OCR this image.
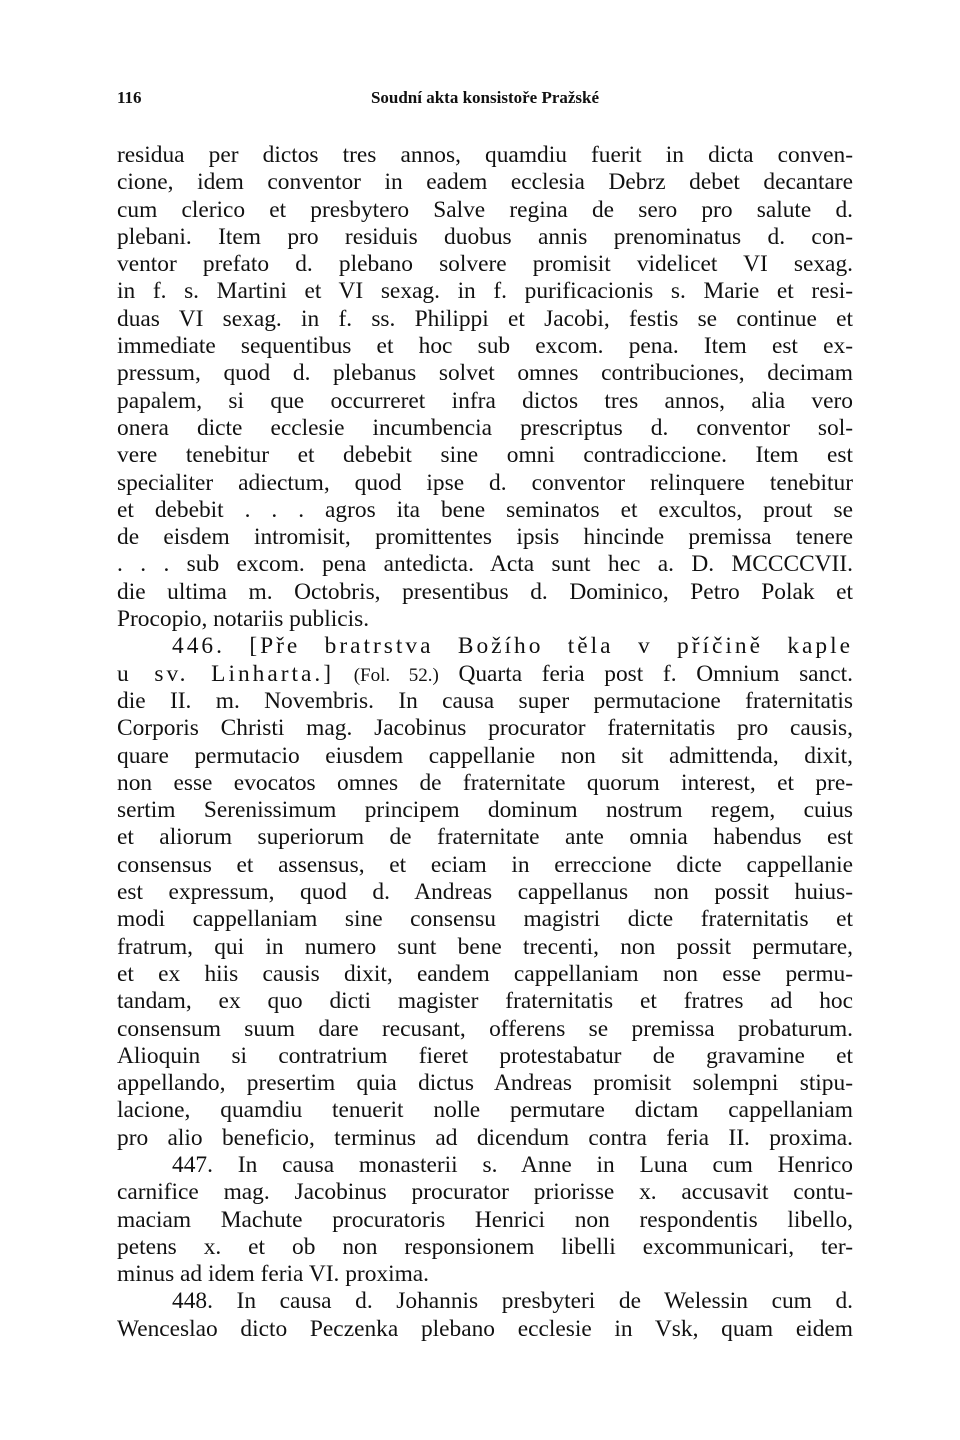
116	Soudní akta konsistoře Pražské
residua per dictos tres annos, quamdiu fuerit in dicta conven-
cione, idem conventor in eadem ecclesia Debrz debet decantare
cum clerico et presbytero Salve regina de sero pro salute d.
plebani. Item pro residuis duobus annis prenominatus d. con-
ventor prefato d. plebano solvere promisit videlicet VI sexag.
in f. s. Martini et VI sexag. in f. purificacionis s. Marie et resi-
duas VI sexag. in f. ss. Philippi et Jacobi, festis se continue et
immediate sequentibus et hoc sub excom. pena. Item est ex-
pressum, quod d. plebanus solvet omnes contribuciones, decimam
papalem, si que occurreret infra dictos tres annos, alia vero
onera dicte ecclesie incumbencia prescriptus d. conventor sol-
vere tenebitur et debebit sine omni contradiccione. Item est
specialiter adiectum, quod ipse d. conventor relinquere tenebitur
et debebit . . . agros ita bene seminatos et excultos, prout se
de eisdem intromisit, promittentes ipsis hincinde premissa tenere
. . . sub excom. pena antedicta. Acta sunt hec a. D. MCCCCVII.
die ultima m. Octobris, presentibus d. Dominico, Petro Polak et
Procopio, notariis publicis.
446. [Pře bratrstva Božího těla v příčině kaple
u sv. Linharta.] (Fol. 52.) Quarta feria post f. Omnium sanct.
die II. m. Novembris. In causa super permutacione fraternitatis
Corporis Christi mag. Jacobinus procurator fraternitatis pro causis,
quare permutacio eiusdem cappellanie non sit admittenda, dixit,
non esse evocatos omnes de fraternitate quorum interest, et pre-
sertim Serenissimum principem dominum nostrum regem, cuius
et aliorum superiorum de fraternitate ante omnia habendus est
consensus et assensus, et eciam in erreccione dicte cappellanie
est expressum, quod d. Andreas cappellanus non possit huius-
modi cappellaniam sine consensu magistri dicte fraternitatis et
fratrum, qui in numero sunt bene trecenti, non possit permutare,
et ex hiis causis dixit, eandem cappellaniam non esse permu-
tandam, ex quo dicti magister fraternitatis et fratres ad hoc
consensum suum dare recusant, offerens se premissa probaturum.
Alioquin si contratrium fieret protestabatur de gravamine et
appellando, presertim quia dictus Andreas promisit solempni stipu-
lacione, quamdiu tenuerit nolle permutare dictam cappellaniam
pro alio beneficio, terminus ad dicendum contra feria II. proxima.
447. In causa monasterii s. Anne in Luna cum Henrico
carnifice mag. Jacobinus procurator priorisse x. accusavit contu-
maciam Machute procuratoris Henrici non respondentis libello,
petens x. et ob non responsionem libelli excommunicari, ter-
minus ad idem feria VI. proxima.
448. In causa d. Johannis presbyteri de Welessin cum d.
Wenceslao dicto Peczenka plebano ecclesie in Vsk, quam eidem
